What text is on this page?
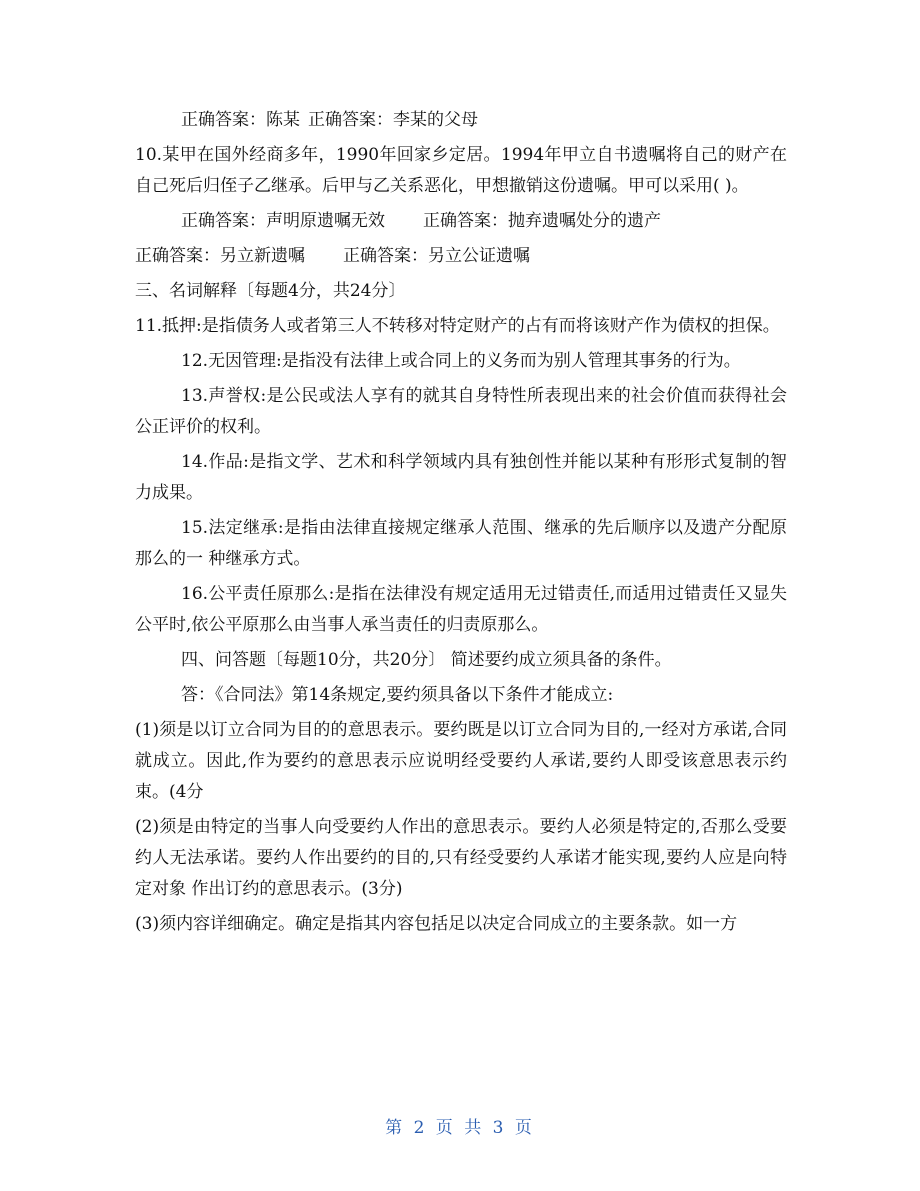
正确答案：陈某 正确答案：李某的父母

10.某甲在国外经商多年，1990年回家乡定居。1994年甲立自书遗嘱将自己的财产在自己死后归侄子乙继承。后甲与乙关系恶化，甲想撤销这份遗嘱。甲可以采用( )。

正确答案：声明原遗嘱无效 正确答案：抛弃遗嘱处分的遗产

正确答案：另立新遗嘱 正确答案：另立公证遗嘱

三、名词解释〔每题4分，共24分〕

11.抵押:是指债务人或者第三人不转移对特定财产的占有而将该财产作为债权的担保。

12.无因管理:是指没有法律上或合同上的义务而为别人管理其事务的行为。

13.声誉权:是公民或法人享有的就其自身特性所表现出来的社会价值而获得社会公正评价的权利。

14.作品:是指文学、艺术和科学领域内具有独创性并能以某种有形形式复制的智力成果。

15.法定继承:是指由法律直接规定继承人范围、继承的先后顺序以及遗产分配原那么的一 种继承方式。

16.公平责任原那么:是指在法律没有规定适用无过错责任,而适用过错责任又显失公平时,依公平原那么由当事人承当责任的归责原那么。

四、问答题〔每题10分，共20分〕 简述要约成立须具备的条件。

答：《合同法》第14条规定,要约须具备以下条件才能成立:

(1)须是以订立合同为目的的意思表示。要约既是以订立合同为目的,一经对方承诺,合同就成立。因此,作为要约的意思表示应说明经受要约人承诺,要约人即受该意思表示约束。(4分

(2)须是由特定的当事人向受要约人作出的意思表示。要约人必须是特定的,否那么受要约人无法承诺。要约人作出要约的目的,只有经受要约人承诺才能实现,要约人应是向特定对象 作出订约的意思表示。(3分)

(3)须内容详细确定。确定是指其内容包括足以决定合同成立的主要条款。如一方

第 2 页 共 3 页
